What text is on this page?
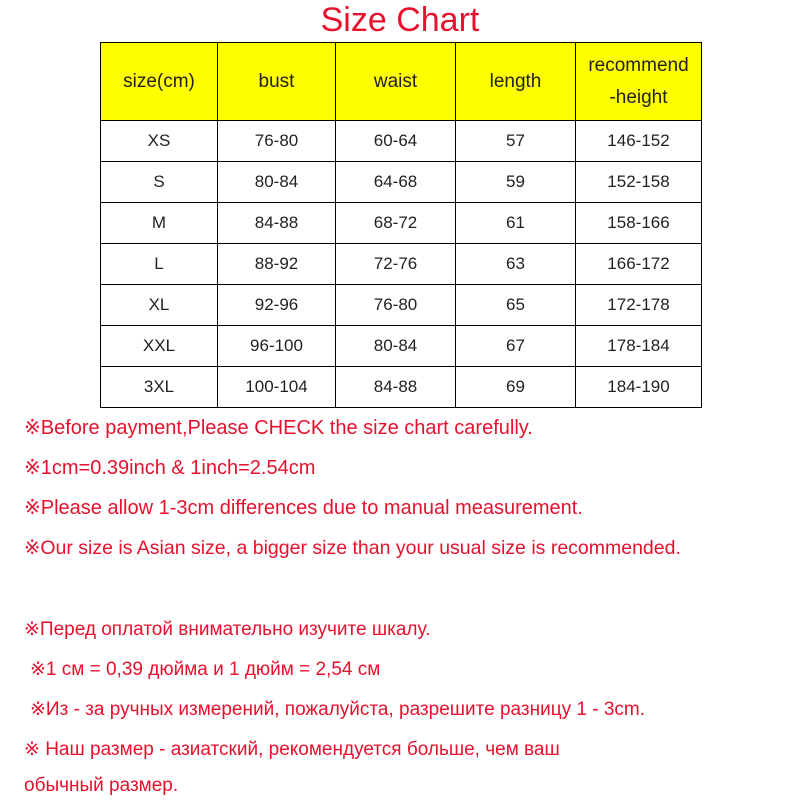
Size Chart
size(cm)	bust	waist	length	recommend
-height

XS	76-80	60-64	57	146-152
S	80-84	64-68	59	152-158
M	84-88	68-72	61	158-166
L	88-92	72-76	63	166-172
XL	92-96	76-80	65	172-178
XXL	96-100	80-84	67	178-184
3XL	100-104	84-88	69	184-190
※Before payment,Please CHECK the size chart carefully.
※1cm=0.39inch & 1inch=2.54cm
※Please allow 1-3cm differences due to manual measurement.
※Our size is Asian size, a bigger size than your usual size is recommended.
※Перед оплатой внимательно изучите шкалу.
※1 см = 0,39 дюйма и 1 дюйм = 2,54 см
※Из - за ручных измерений, пожалуйста, разрешите разницу 1 - 3cm.
※ Наш размер - азиатский, рекомендуется больше, чем ваш
обычный размер.
